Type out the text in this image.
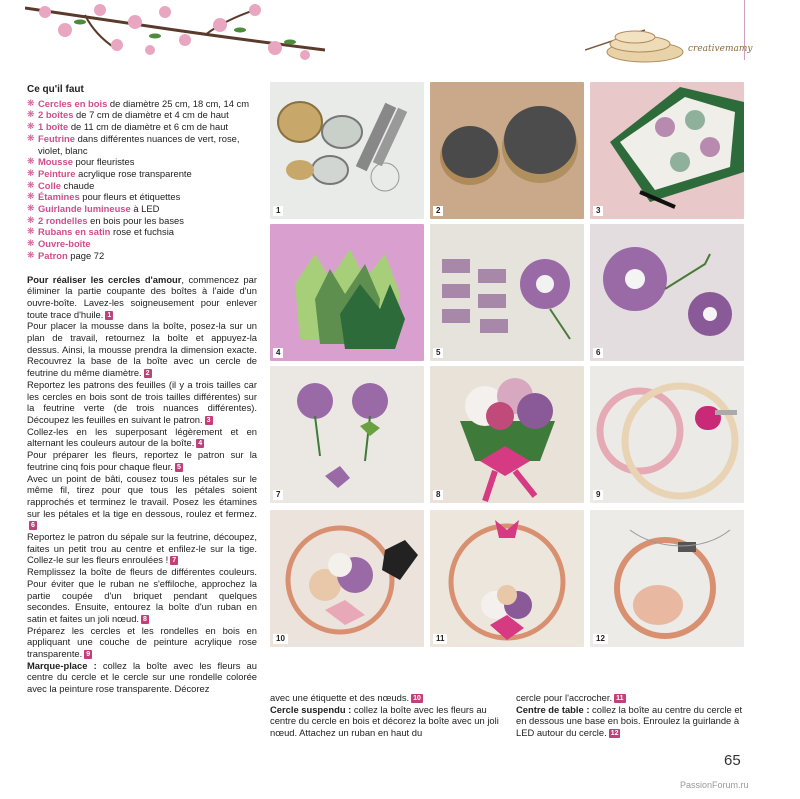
creativemamy
Ce qu'il faut
❋ Cercles en bois de diamètre 25 cm, 18 cm, 14 cm
❋ 2 boîtes de 7 cm de diamètre et 4 cm de haut
❋ 1 boîte de 11 cm de diamètre et 6 cm de haut
❋ Feutrine dans différentes nuances de vert, rose, violet, blanc
❋ Mousse pour fleuristes
❋ Peinture acrylique rose transparente
❋ Colle chaude
❋ Étamines pour fleurs et étiquettes
❋ Guirlande lumineuse à LED
❋ 2 rondelles en bois pour les bases
❋ Rubans en satin rose et fuchsia
❋ Ouvre-boîte
❋ Patron page 72

Pour réaliser les cercles d'amour, commencez par éliminer la partie coupante des boîtes à l'aide d'un ouvre-boîte. Lavez-les soigneusement pour enlever toute trace d'huile. 1

Pour placer la mousse dans la boîte, posez-la sur un plan de travail, retournez la boîte et appuyez-la dessus. Ainsi, la mousse prendra la dimension exacte. Recouvrez la base de la boîte avec un cercle de feutrine du même diamètre. 2

Reportez les patrons des feuilles (il y a trois tailles car les cercles en bois sont de trois tailles différentes) sur la feutrine verte (de trois nuances différentes). Découpez les feuilles en suivant le patron. 3

Collez-les en les superposant légèrement et en alternant les couleurs autour de la boîte. 4

Pour préparer les fleurs, reportez le patron sur la feutrine cinq fois pour chaque fleur. 5

Avec un point de bâti, cousez tous les pétales sur le même fil, tirez pour que tous les pétales soient rapprochés et terminez le travail. Posez les étamines sur les pétales et la tige en dessous, roulez et fermez.6

Reportez le patron du sépale sur la feutrine, découpez, faites un petit trou au centre et enfilez-le sur la tige. Collez-le sur les fleurs enroulées ! 7

Remplissez la boîte de fleurs de différentes couleurs. Pour éviter que le ruban ne s'effiloche, approchez la partie coupée d'un briquet pendant quelques secondes. Ensuite, entourez la boîte d'un ruban en satin et faites un joli nœud. 8

Préparez les cercles et les rondelles en bois en appliquant une couche de peinture acrylique rose transparente. 9

Marque-place : collez la boîte avec les fleurs au centre du cercle et le cercle sur une rondelle colorée avec la peinture rose transparente. Décorez

avec une étiquette et des nœuds. 10

Cercle suspendu : collez la boîte avec les fleurs au centre du cercle en bois et décorez la boîte avec un joli nœud. Attachez un ruban en haut du

cercle pour l'accrocher. 11

Centre de table : collez la boîte au centre du cercle et en dessous une base en bois. Enroulez la guirlande à LED autour du cercle. 12

1	2	3
4	5	6
7	8	9
10	11	12
65
PassionForum.ru
